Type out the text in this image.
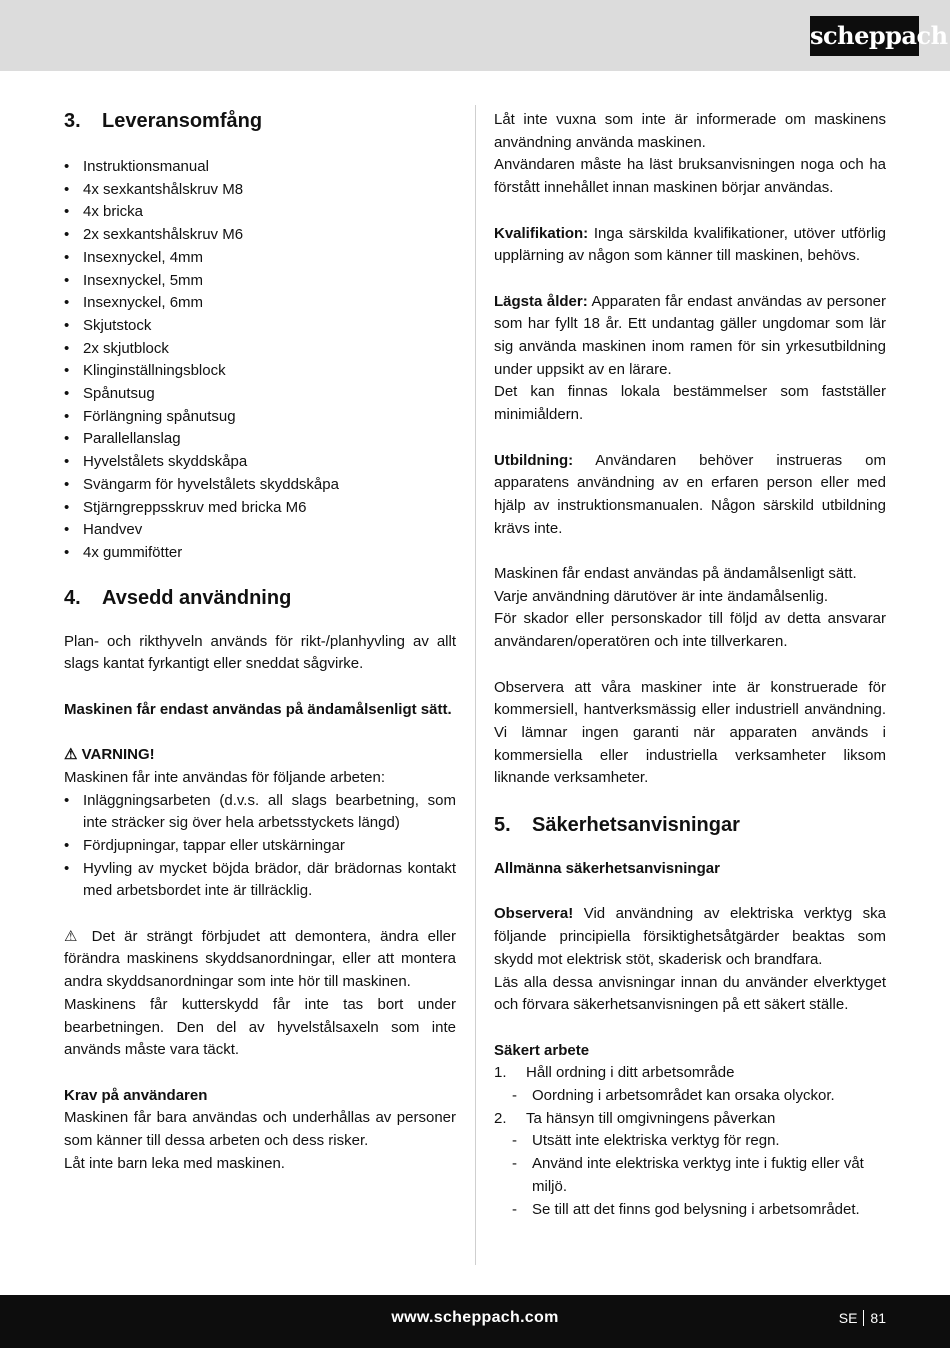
scheppach
3.	Leveransomfång
• Instruktionsmanual
• 4x sexkantshålskruv M8
• 4x bricka
• 2x sexkantshålskruv M6
• Insexnyckel, 4mm
• Insexnyckel, 5mm
• Insexnyckel, 6mm
• Skjutstock
• 2x skjutblock
• Klinginställningsblock
• Spånutsug
• Förlängning spånutsug
• Parallellanslag
• Hyvelstålets skyddskåpa
• Svängarm för hyvelstålets skyddskåpa
• Stjärngreppsskruv med bricka M6
• Handvev
• 4x gummifötter
4.	Avsedd användning

Plan- och rikthyveln används för rikt-/planhyvling av allt slags kantat fyrkantigt eller sneddat sågvirke.

Maskinen får endast användas på ändamålsenligt sätt.

⚠ VARNING!

Maskinen får inte användas för följande arbeten:

• Inläggningsarbeten (d.v.s. all slags bearbetning, som inte sträcker sig över hela arbetsstyckets längd)
• Fördjupningar, tappar eller utskärningar
• Hyvling av mycket böjda brädor, där brädornas kontakt med arbetsbordet inte är tillräcklig.

⚠ Det är strängt förbjudet att demontera, ändra eller förändra maskinens skyddsanordningar, eller att montera andra skyddsanordningar som inte hör till maskinen.

Maskinens får kutterskydd får inte tas bort under bearbetningen. Den del av hyvelstålsaxeln som inte används måste vara täckt.

Krav på användaren

Maskinen får bara användas och underhållas av personer som känner till dessa arbeten och dess risker.

Låt inte barn leka med maskinen.

Låt inte vuxna som inte är informerade om maskinens användning använda maskinen.

Användaren måste ha läst bruksanvisningen noga och ha förstått innehållet innan maskinen börjar användas.

Kvalifikation: Inga särskilda kvalifikationer, utöver utförlig upplärning av någon som känner till maskinen, behövs.

Lägsta ålder: Apparaten får endast användas av personer som har fyllt 18 år. Ett undantag gäller ungdomar som lär sig använda maskinen inom ramen för sin yrkesutbildning under uppsikt av en lärare.

Det kan finnas lokala bestämmelser som fastställer minimiåldern.

Utbildning: Användaren behöver instrueras om apparatens användning av en erfaren person eller med hjälp av instruktionsmanualen. Någon särskild utbildning krävs inte.

Maskinen får endast användas på ändamålsenligt sätt.

Varje användning därutöver är inte ändamålsenlig.

För skador eller personskador till följd av detta ansvarar användaren/operatören och inte tillverkaren.

Observera att våra maskiner inte är konstruerade för kommersiell, hantverksmässig eller industriell användning. Vi lämnar ingen garanti när apparaten används i kommersiella eller industriella verksamheter liksom liknande verksamheter.

5.	Säkerhetsanvisningar

Allmänna säkerhetsanvisningar

Observera! Vid användning av elektriska verktyg ska följande principiella försiktighetsåtgärder beaktas som skydd mot elektrisk stöt, skaderisk och brandfara.

Läs alla dessa anvisningar innan du använder elverktyget och förvara säkerhetsanvisningen på ett säkert ställe.

Säkert arbete

1.	Håll ordning i ditt arbetsområde
- Oordning i arbetsområdet kan orsaka olyckor.
2.	Ta hänsyn till omgivningens påverkan
- Utsätt inte elektriska verktyg för regn.
- Använd inte elektriska verktyg inte i fuktig eller våt miljö.
- Se till att det finns god belysning i arbetsområdet.
www.scheppach.com	SE 81
